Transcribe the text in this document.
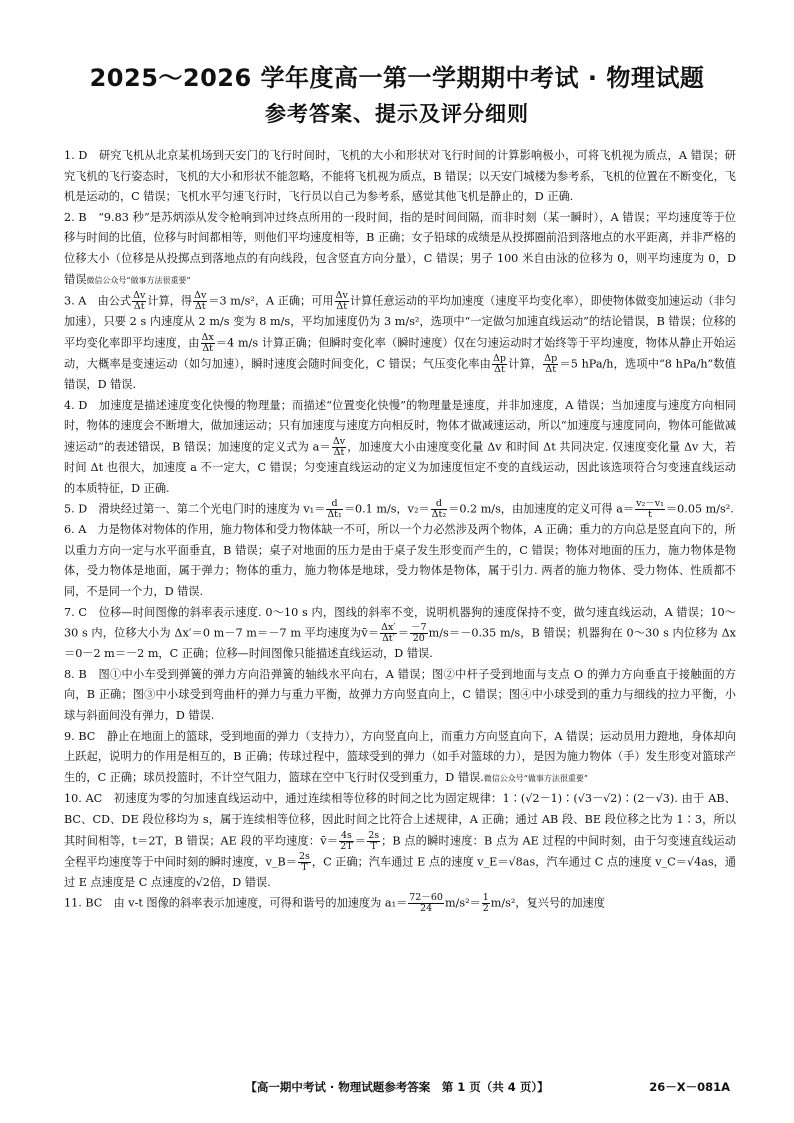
2025～2026 学年度高一第一学期期中考试 · 物理试题
参考答案、提示及评分细则

1. D　研究飞机从北京某机场到天安门的飞行时间时，飞机的大小和形状对飞行时间的计算影响极小，可将飞机视为质点，A 错误；研究飞机的飞行姿态时，飞机的大小和形状不能忽略，不能将飞机视为质点，B 错误；以天安门城楼为参考系，飞机的位置在不断变化，飞机是运动的，C 错误；飞机水平匀速飞行时，飞行员以自己为参考系，感觉其他飞机是静止的，D 正确.

2. B　“9.83 秒”是苏炳添从发令枪响到冲过终点所用的一段时间，指的是时间间隔，而非时刻（某一瞬时），A 错误；平均速度等于位移与时间的比值，位移与时间都相等，则他们平均速度相等，B 正确；女子铅球的成绩是从投掷圈前沿到落地点的水平距离，并非严格的位移大小（位移是从投掷点到落地点的有向线段，包含竖直方向分量），C 错误；男子 100 米自由泳的位移为 0，则平均速度为 0，D 错误微信公众号“做事方法很重要”

3. A　由公式 $\frac{\Delta v}{\Delta t}$ 计算，得 $\frac{\Delta v}{\Delta t} =3$ m/s²，A 正确；可用 $\frac{\Delta v}{\Delta t}$ 计算任意运动的平均加速度（速度平均变化率），即使物体做变加速运动（非匀加速），只要 2 s 内速度从 2 m/s 变为 8 m/s，平均加速度仍为 3 m/s²，选项中“一定做匀加速直线运动”的结论错误，B 错误；位移的平均变化率即平均速度，由 $\frac{\Delta x}{\Delta t} =4$ m/s 计算正确；但瞬时变化率（瞬时速度）仅在匀速运动时才始终等于平均速度，物体从静止开始运动，大概率是变速运动（如匀加速），瞬时速度会随时间变化，C 错误；气压变化率由 $\frac{\Delta p}{\Delta t}$ 计算， $\frac{\Delta p}{\Delta t} =5$ hPa/h，选项中“8 hPa/h”数值错误，D 错误.

4. D　加速度是描述速度变化快慢的物理量；而描述“位置变化快慢”的物理量是速度，并非加速度，A 错误；当加速度与速度方向相同时，物体的速度会不断增大，做加速运动；只有加速度与速度方向相反时，物体才做减速运动，所以“加速度与速度同向，物体可能做减速运动”的表述错误，B 错误；加速度的定义式为 $a= \frac{\Delta v}{\Delta t}$ ，加速度大小由速度变化量 Δv 和时间 Δt 共同决定. 仅速度变化量 Δv 大，若时间 Δt 也很大，加速度 a 不一定大，C 错误；匀变速直线运动的定义为加速度恒定不变的直线运动，因此该选项符合匀变速直线运动的本质特征，D 正确.

5. D　滑块经过第一、第二个光电门时的速度为 $v_1= \frac{d}{\text{Δt₁}} =0.1$ m/s，$v_2= \frac{d}{\text{Δt₂}} =0.2$ m/s，由加速度的定义可得 $a= \frac{\text{v₂－v₁}}{t} =0.05$ m/s².

6. A　力是物体对物体的作用，施力物体和受力物体缺一不可，所以一个力必然涉及两个物体，A 正确；重力的方向总是竖直向下的，所以重力方向一定与水平面垂直，B 错误；桌子对地面的压力是由于桌子发生形变而产生的，C 错误；物体对地面的压力，施力物体是物体，受力物体是地面，属于弹力；物体的重力，施力物体是地球，受力物体是物体，属于引力. 两者的施力物体、受力物体、性质都不同，不是同一个力，D 错误.

7. C　位移—时间图像的斜率表示速度. 0～10 s 内，图线的斜率不变，说明机器狗的速度保持不变，做匀速直线运动，A 错误；10～30 s 内，位移大小为 Δx′＝0 m－7 m＝－7 m 平均速度为v̄＝ $\frac{\Delta x'}{\Delta t'} = \frac{-7}{20} m/s=-0.35$ m/s，B 错误；机器狗在 0～30 s 内位移为 Δx＝0－2 m＝－2 m，C 正确；位移—时间图像只能描述直线运动，D 错误.

8. B　图①中小车受到弹簧的弹力方向沿弹簧的轴线水平向右，A 错误；图②中杆子受到地面与支点 O 的弹力方向垂直于接触面的方向，B 正确；图③中小球受到弯曲杆的弹力与重力平衡，故弹力方向竖直向上，C 错误；图④中小球受到的重力与细线的拉力平衡，小球与斜面间没有弹力，D 错误.

9. BC　静止在地面上的篮球，受到地面的弹力（支持力），方向竖直向上，而重力方向竖直向下，A 错误；运动员用力蹬地，身体却向上跃起，说明力的作用是相互的，B 正确；传球过程中，篮球受到的弹力（如手对篮球的力），是因为施力物体（手）发生形变对篮球产生的，C 正确；球员投篮时，不计空气阻力，篮球在空中飞行时仅受到重力，D 错误.微信公众号“做事方法很重要”

10. AC　初速度为零的匀加速直线运动中，通过连续相等位移的时间之比为固定规律：1∶(√2－1)∶(√3－√2)∶(2－√3). 由于 AB、BC、CD、DE 段位移均为 s，属于连续相等位移，因此时间之比符合上述规律，A 正确；通过 AB 段、BE 段位移之比为 1∶3，所以其时间相等，t＝2T，B 错误；AE 段的平均速度：v̄＝ $\frac{4s}{2T} = \frac{2s}{T}$ ；B 点的瞬时速度：B 点为 AE 过程的中间时刻，由于匀变速直线运动全程平均速度等于中间时刻的瞬时速度，v_B＝ $\frac{2s}{T}$ ，C 正确；汽车通过 E 点的速度 v_E＝√8as，汽车通过 C 点的速度 v_C＝√4as，通过 E 点速度是 C 点速度的√2倍，D 错误.

11. BC　由 v-t 图像的斜率表示加速度，可得和谐号的加速度为 $a_1= \frac{72-60}{24} m/s^2= \frac{1}{2} m/s^2$，复兴号的加速度

【高一期中考试 · 物理试题参考答案　第 1 页（共 4 页）】	26－X－081A
